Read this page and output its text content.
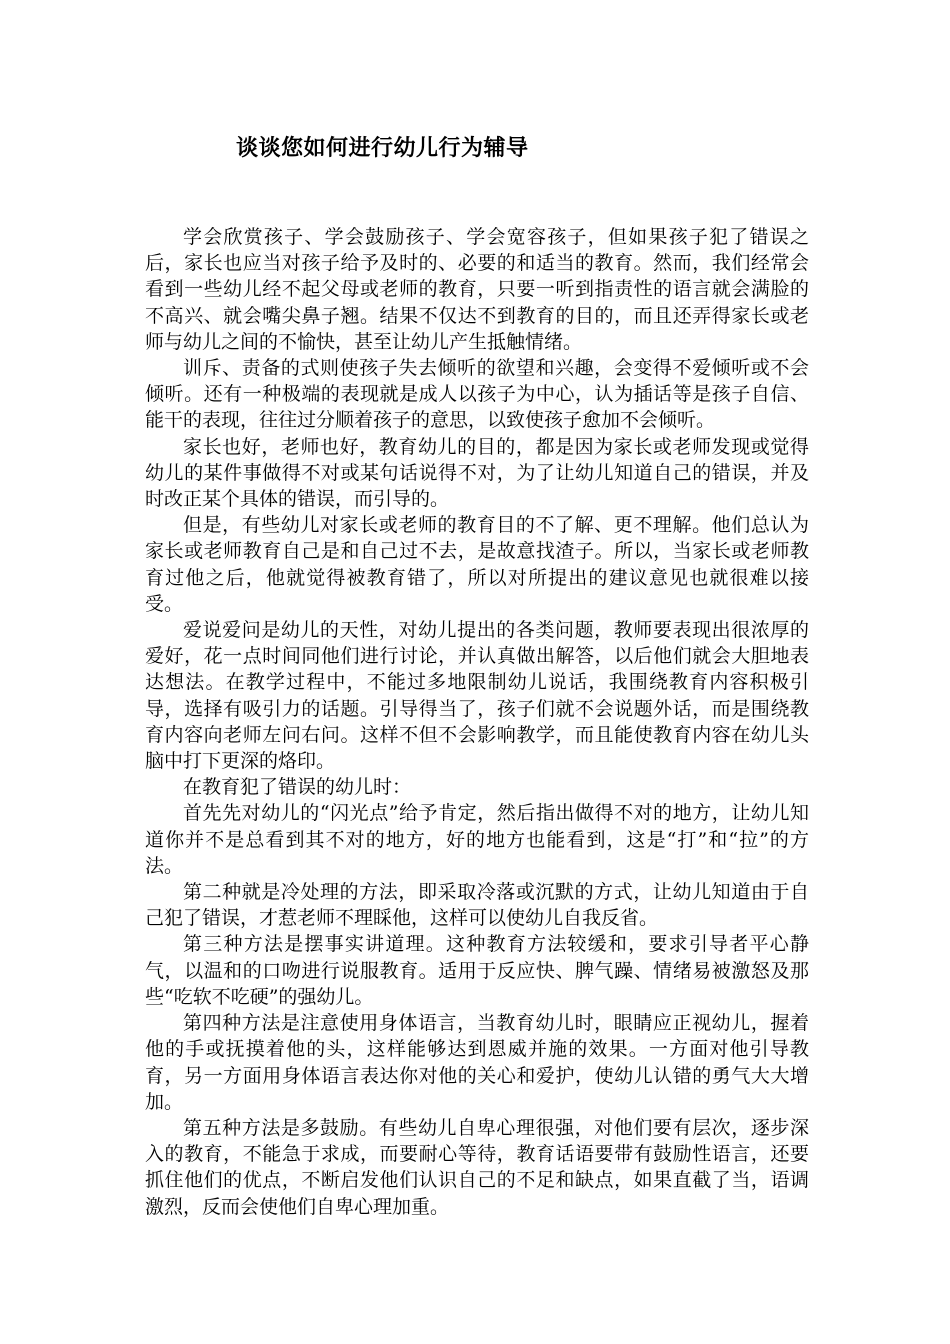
谈谈您如何进行幼儿行为辅导

学会欣赏孩子、学会鼓励孩子、学会宽容孩子，但如果孩子犯了错误之后，家长也应当对孩子给予及时的、必要的和适当的教育。然而，我们经常会看到一些幼儿经不起父母或老师的教育，只要一听到指责性的语言就会满脸的不高兴、就会嘴尖鼻子翘。结果不仅达不到教育的目的，而且还弄得家长或老师与幼儿之间的不愉快，甚至让幼儿产生抵触情绪。

训斥、责备的式则使孩子失去倾听的欲望和兴趣，会变得不爱倾听或不会倾听。还有一种极端的表现就是成人以孩子为中心，认为插话等是孩子自信、能干的表现，往往过分顺着孩子的意思，以致使孩子愈加不会倾听。

家长也好，老师也好，教育幼儿的目的，都是因为家长或老师发现或觉得幼儿的某件事做得不对或某句话说得不对，为了让幼儿知道自己的错误，并及时改正某个具体的错误，而引导的。

但是，有些幼儿对家长或老师的教育目的不了解、更不理解。他们总认为家长或老师教育自己是和自己过不去，是故意找渣子。所以，当家长或老师教育过他之后，他就觉得被教育错了，所以对所提出的建议意见也就很难以接受。

爱说爱问是幼儿的天性，对幼儿提出的各类问题，教师要表现出很浓厚的爱好，花一点时间同他们进行讨论，并认真做出解答，以后他们就会大胆地表达想法。在教学过程中，不能过多地限制幼儿说话，我围绕教育内容积极引导，选择有吸引力的话题。引导得当了，孩子们就不会说题外话，而是围绕教育内容向老师左问右问。这样不但不会影响教学，而且能使教育内容在幼儿头脑中打下更深的烙印。

在教育犯了错误的幼儿时：

首先先对幼儿的“闪光点”给予肯定，然后指出做得不对的地方，让幼儿知道你并不是总看到其不对的地方，好的地方也能看到，这是“打”和“拉”的方法。

第二种就是冷处理的方法，即采取冷落或沉默的方式，让幼儿知道由于自己犯了错误，才惹老师不理睬他，这样可以使幼儿自我反省。

第三种方法是摆事实讲道理。这种教育方法较缓和，要求引导者平心静气，以温和的口吻进行说服教育。适用于反应快、脾气躁、情绪易被激怒及那些“吃软不吃硬”的强幼儿。

第四种方法是注意使用身体语言，当教育幼儿时，眼睛应正视幼儿，握着他的手或抚摸着他的头，这样能够达到恩威并施的效果。一方面对他引导教育，另一方面用身体语言表达你对他的关心和爱护，使幼儿认错的勇气大大增加。

第五种方法是多鼓励。有些幼儿自卑心理很强，对他们要有层次，逐步深入的教育，不能急于求成，而要耐心等待，教育话语要带有鼓励性语言，还要抓住他们的优点，不断启发他们认识自己的不足和缺点，如果直截了当，语调激烈，反而会使他们自卑心理加重。
